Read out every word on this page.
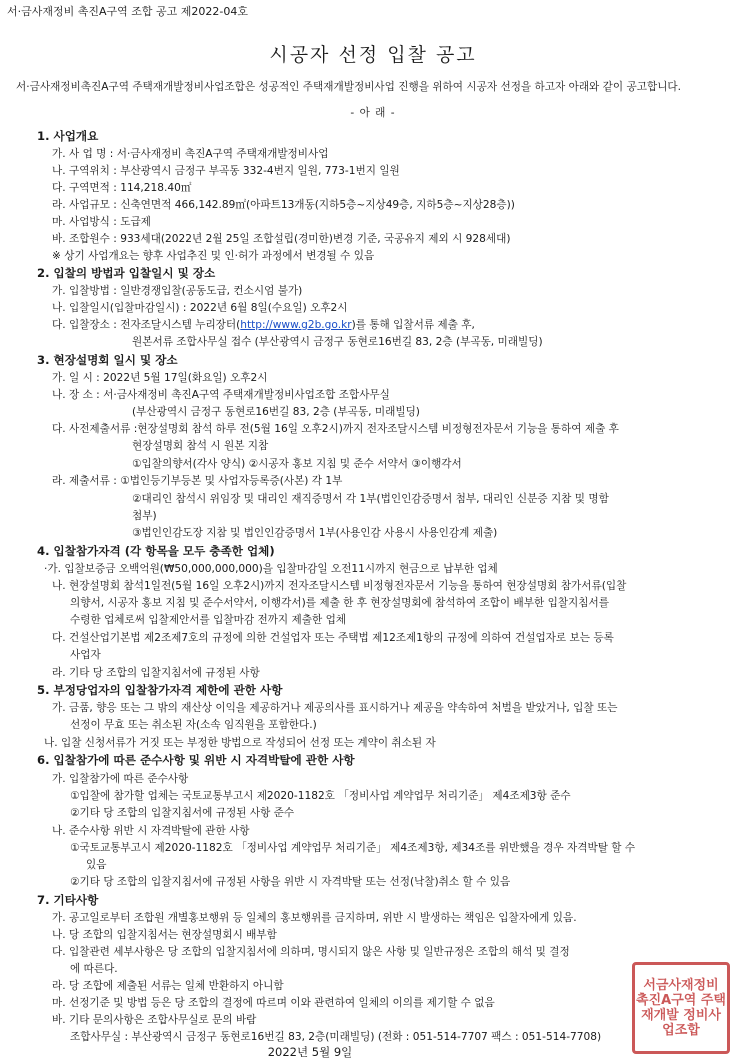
서·금사재정비 촉진A구역 조합 공고 제2022-04호
시공자 선정 입찰 공고
서·금사재정비촉진A구역 주택재개발정비사업조합은 성공적인 주택재개발정비사업 진행을 위하여 시공자 선정을 하고자 아래와 같이 공고합니다.
- 아 래 -
1. 사업개요
가. 사 업 명 : 서·금사재정비 촉진A구역 주택재개발정비사업
나. 구역위치 : 부산광역시 금정구 부곡동 332-4번지 일원, 773-1번지 일원
다. 구역면적 : 114,218.40㎡
라. 사업규모 : 신축연면적 466,142.89㎡(아파트13개동(지하5층~지상49층, 지하5층~지상28층))
마. 사업방식 : 도급제
바. 조합원수 : 933세대(2022년 2월 25일 조합설립(경미한)변경 기준, 국공유지 제외 시 928세대)
※ 상기 사업개요는 향후 사업추진 및 인·허가 과정에서 변경될 수 있음
2. 입찰의 방법과 입찰일시 및 장소
가. 입찰방법 : 일반경쟁입찰(공동도급, 컨소시엄 불가)
나. 입찰일시(입찰마감일시) : 2022년 6월 8일(수요일) 오후2시
다. 입찰장소 : 전자조달시스템 누리장터(http://www.g2b.go.kr)를 통해 입찰서류 제출 후,
원본서류 조합사무실 접수 (부산광역시 금정구 동현로16번길 83, 2층 (부곡동, 미래빌딩)
3. 현장설명회 일시 및 장소
가. 일 시 : 2022년 5월 17일(화요일) 오후2시
나. 장 소 : 서·금사재정비 촉진A구역 주택재개발정비사업조합 조합사무실
(부산광역시 금정구 동현로16번길 83, 2층 (부곡동, 미래빌딩)
다. 사전제출서류 :현장설명회 참석 하루 전(5월 16일 오후2시)까지 전자조달시스템 비정형전자문서 기능을 통하여 제출 후
현장설명회 참석 시 원본 지참
①입찰의향서(각사 양식) ②시공자 홍보 지침 및 준수 서약서 ③이행각서
라. 제출서류 : ①법인등기부등본 및 사업자등록증(사본) 각 1부
②대리인 참석시 위임장 및 대리인 재직증명서 각 1부(법인인감증명서 첨부, 대리인 신분증 지참 및 명함
첨부)
③법인인감도장 지참 및 법인인감증명서 1부(사용인감 사용시 사용인감계 제출)
4. 입찰참가자격 (각 항목을 모두 충족한 업체)
·가. 입찰보증금 오백억원(₩50,000,000,000)을 입찰마감일 오전11시까지 현금으로 납부한 업체
나. 현장설명회 참석1일전(5월 16일 오후2시)까지 전자조달시스템 비정형전자문서 기능을 통하여 현장설명회 참가서류(입찰
의향서, 시공자 홍보 지침 및 준수서약서, 이행각서)를 제출 한 후 현장설명회에 참석하여 조합이 배부한 입찰지침서를
수령한 업체로써 입찰제안서를 입찰마감 전까지 제출한 업체
다. 건설산업기본법 제2조제7호의 규정에 의한 건설업자 또는 주택법 제12조제1항의 규정에 의하여 건설업자로 보는 등록
사업자
라. 기타 당 조합의 입찰지침서에 규정된 사항
5. 부정당업자의 입찰참가자격 제한에 관한 사항
가. 금품, 향응 또는 그 밖의 재산상 이익을 제공하거나 제공의사를 표시하거나 제공을 약속하여 처벌을 받았거나, 입찰 또는
선정이 무효 또는 취소된 자(소속 임직원을 포함한다.)
나. 입찰 신청서류가 거짓 또는 부정한 방법으로 작성되어 선정 또는 계약이 취소된 자
6. 입찰참가에 따른 준수사항 및 위반 시 자격박탈에 관한 사항
가. 입찰참가에 따른 준수사항
①입찰에 참가할 업체는 국토교통부고시 제2020-1182호 「정비사업 계약업무 처리기준」 제4조제3항 준수
②기타 당 조합의 입찰지침서에 규정된 사항 준수
나. 준수사항 위반 시 자격박탈에 관한 사항
①국토교통부고시 제2020-1182호 「정비사업 계약업무 처리기준」 제4조제3항, 제34조를 위반했을 경우 자격박탈 할 수
있음
②기타 당 조합의 입찰지침서에 규정된 사항을 위반 시 자격박탈 또는 선정(낙찰)취소 할 수 있음
7. 기타사항
가. 공고일로부터 조합원 개별홍보행위 등 일체의 홍보행위를 금지하며, 위반 시 발생하는 책임은 입찰자에게 있음.
나. 당 조합의 입찰지침서는 현장설명회시 배부함
다. 입찰관련 세부사항은 당 조합의 입찰지침서에 의하며, 명시되지 않은 사항 및 일반규정은 조합의 해석 및 결정
에 따른다.
라. 당 조합에 제출된 서류는 일체 반환하지 아니함	서금사재정비 촉진A구역 주택재개발 정비사업조합
마. 선정기준 및 방법 등은 당 조합의 결정에 따르며 이와 관련하여 일체의 이의를 제기할 수 없음
바. 기타 문의사항은 조합사무실로 문의 바람
조합사무실 : 부산광역시 금정구 동현로16번길 83, 2층(미래빌딩) (전화 : 051-514-7707 팩스 : 051-514-7708)
2022년 5월 9일
